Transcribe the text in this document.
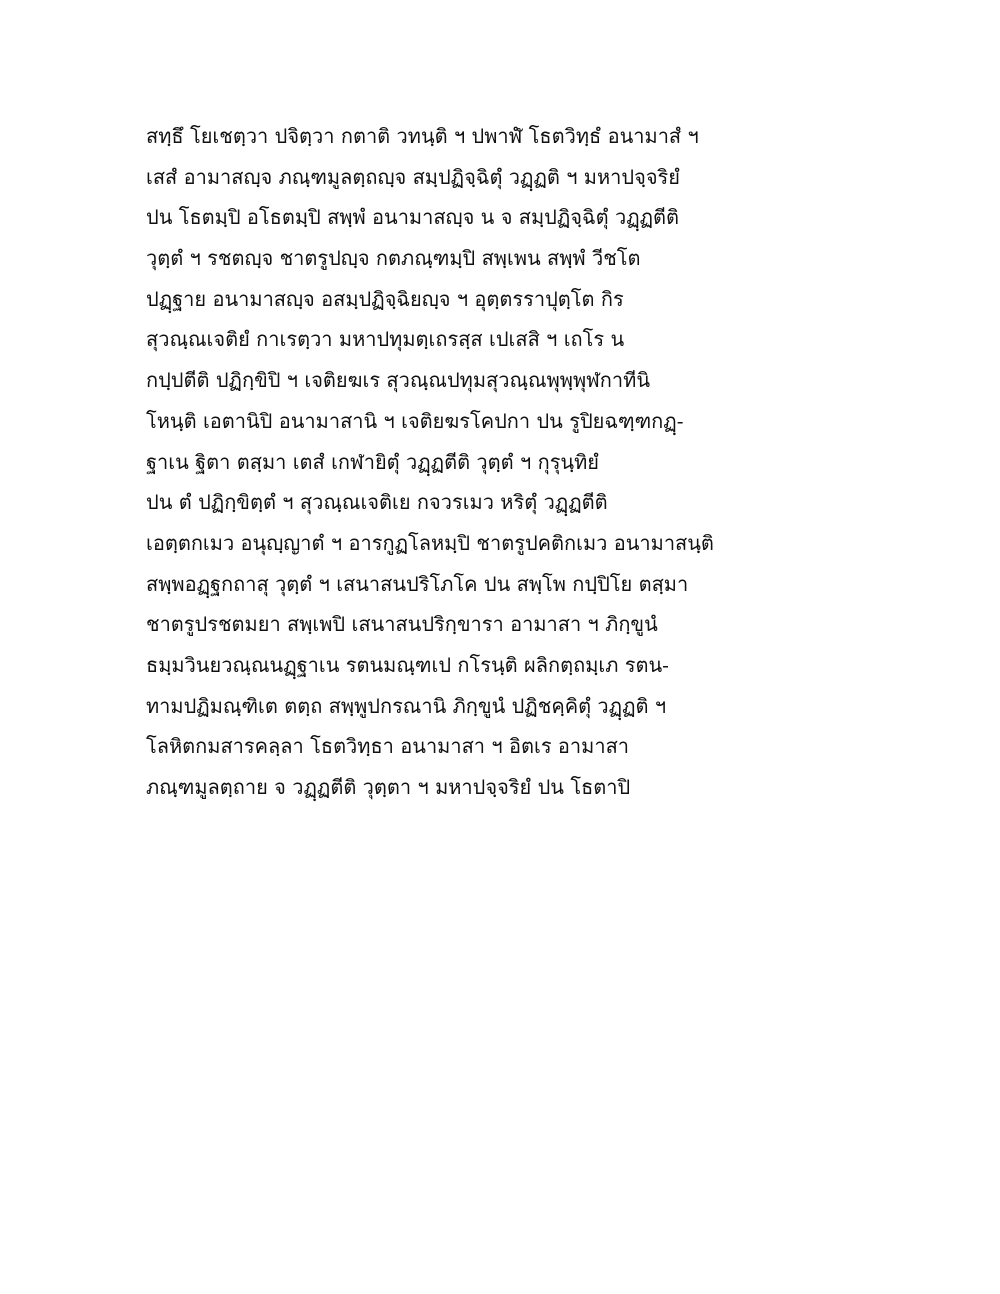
สทฺธึ โยเชตฺวา ปจิตฺวา กตาติ วทนฺติ ฯ ปพาฬํ โธตวิทฺธํ อนามาสํ ฯ
เสสํ อามาสญฺจ ภณฺฑมูลตฺถญฺจ สมฺปฏิจฺฉิตุํ วฏฺฏติ ฯ มหาปจฺจริยํ
ปน โธตมฺปิ อโธตมฺปิ สพฺพํ อนามาสญฺจ น จ สมฺปฏิจฺฉิตุํ วฏฺฏตีติ
วุตฺตํ ฯ รชตญฺจ ชาตรูปญฺจ กตภณฺฑมฺปิ สพฺเพน สพฺพํ วีชโต
ปฏฺฐาย อนามาสญฺจ อสมฺปฏิจฺฉิยญฺจ ฯ อุตฺตรราปุตฺโต กิร
สุวณฺณเจติยํ กาเรตฺวา มหาปทุมตฺเถรสฺส เปเสสิ ฯ เถโร น
กปฺปตีติ ปฏิกฺขิปิ ฯ เจติยฆเร สุวณฺณปทุมสุวณฺณพุพฺพุฬกาทีนิ
โหนฺติ เอตานิปิ อนามาสานิ ฯ เจติยฆรโคปกา ปน รูปิยฉฑฺฑกฏฺ-
ฐาเน ฐิตา ตสฺมา เตสํ เกฬายิตุํ วฏฺฏตีติ วุตฺตํ ฯ กุรุนฺทิยํ
ปน ตํ ปฏิกฺขิตฺตํ ฯ สุวณฺณเจติเย กจวรเมว หริตุํ วฏฺฏตีติ
เอตฺตกเมว อนุญฺญาตํ ฯ อารกูฏโลหมฺปิ ชาตรูปคติกเมว อนามาสนฺติ
สพฺพอฏฺฐกถาสุ วุตฺตํ ฯ เสนาสนปริโภโค ปน สพฺโพ กปฺปิโย ตสฺมา
ชาตรูปรชตมยา สพฺเพปิ เสนาสนปริกฺขารา อามาสา ฯ ภิกฺขูนํ
ธมฺมวินยวณฺณนฏฺฐาเน รตนมณฺฑเป กโรนฺติ ผลิกตฺถมฺเภ รตน-
ทามปฏิมณฺฑิเต ตตฺถ สพฺพูปกรณานิ ภิกฺขูนํ ปฏิชคฺคิตุํ วฏฺฏติ ฯ
โลหิตกมสารคลฺลา โธตวิทฺธา อนามาสา ฯ อิตเร อามาสา
ภณฺฑมูลตฺถาย จ วฏฺฏตีติ วุตฺตา ฯ มหาปจฺจริยํ ปน โธตาปิ
